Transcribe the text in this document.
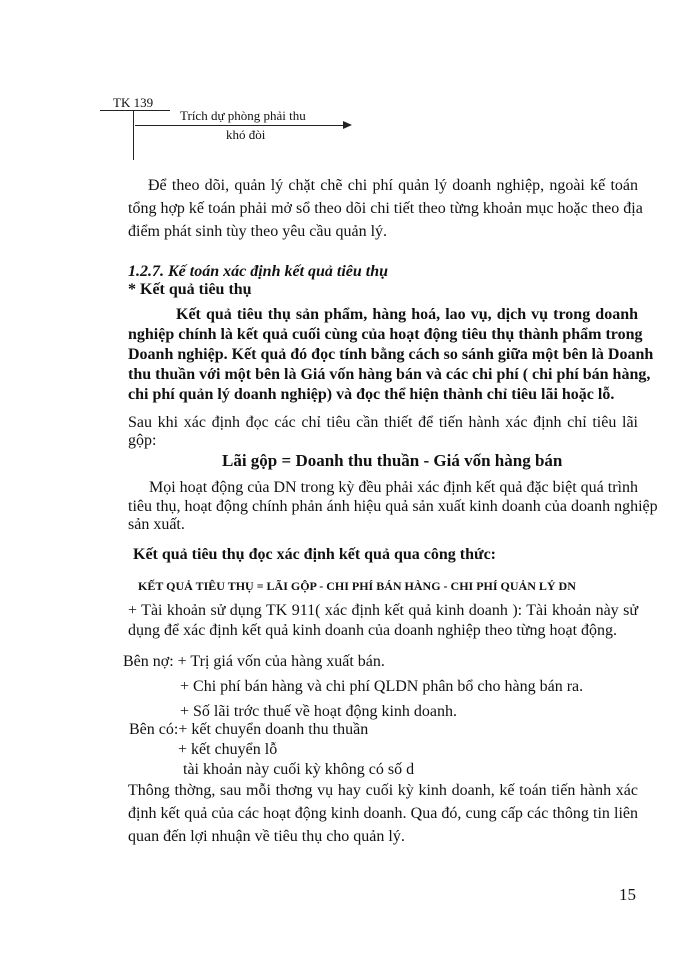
TK 139
Trích dự phòng phải thu
khó đòi
Để theo dõi, quản lý chặt chẽ chi phí quản lý doanh nghiệp, ngoài kế toán
tổng hợp kế toán phải mở sổ theo dõi chi tiết theo từng khoản mục hoặc theo địa
điểm phát sinh tùy theo yêu cầu quản lý.
1.2.7. Kế toán xác định kết quả tiêu thụ
* Kết quả tiêu thụ
Kết quả tiêu thụ sản phẩm, hàng hoá, lao vụ, dịch vụ trong doanh
nghiệp chính là kết quả cuối cùng của hoạt động tiêu thụ thành phẩm trong
Doanh nghiệp. Kết quả đó đọc tính bằng cách so sánh giữa một bên là Doanh
thu thuần với một bên là Giá vốn hàng bán và các chi phí ( chi phí bán hàng,
chi phí quản lý doanh nghiệp) và đọc thể hiện thành chỉ tiêu lãi hoặc lỗ.
Sau khi xác định đọc các chỉ tiêu cần thiết để tiến hành xác định chỉ tiêu lãi
gộp:
Lãi gộp = Doanh thu thuần - Giá vốn hàng bán
Mọi hoạt động của DN trong kỳ đều phải xác định kết quả đặc biệt quá trình
tiêu thụ, hoạt động chính phản ánh hiệu quả sản xuất kinh doanh của doanh nghiệp
sản xuất.
Kết quả tiêu thụ đọc xác định kết quả qua công thức:
KẾT QUẢ TIÊU THỤ = LÃI GỘP - CHI PHÍ BÁN HÀNG - CHI PHÍ QUẢN LÝ DN
+ Tài khoản sử dụng TK 911( xác định kết quả kinh doanh ): Tài khoản này sử
dụng để xác định kết quả kinh doanh của doanh nghiệp theo từng hoạt động.
Bên nợ: + Trị giá vốn của hàng xuất bán.
+ Chi phí bán hàng và chi phí QLDN phân bổ cho hàng bán ra.
+ Số lãi trớc thuế về hoạt động kinh doanh.
Bên có:+ kết chuyển doanh thu thuần
+ kết chuyển lỗ
tài khoản này cuối kỳ không có số d
Thông thờng, sau mỗi thơng vụ hay cuối kỳ kinh doanh, kế toán tiến hành xác
định kết quả của các hoạt động kinh doanh. Qua đó, cung cấp các thông tin liên
quan đến lợi nhuận về tiêu thụ cho quản lý.
15
